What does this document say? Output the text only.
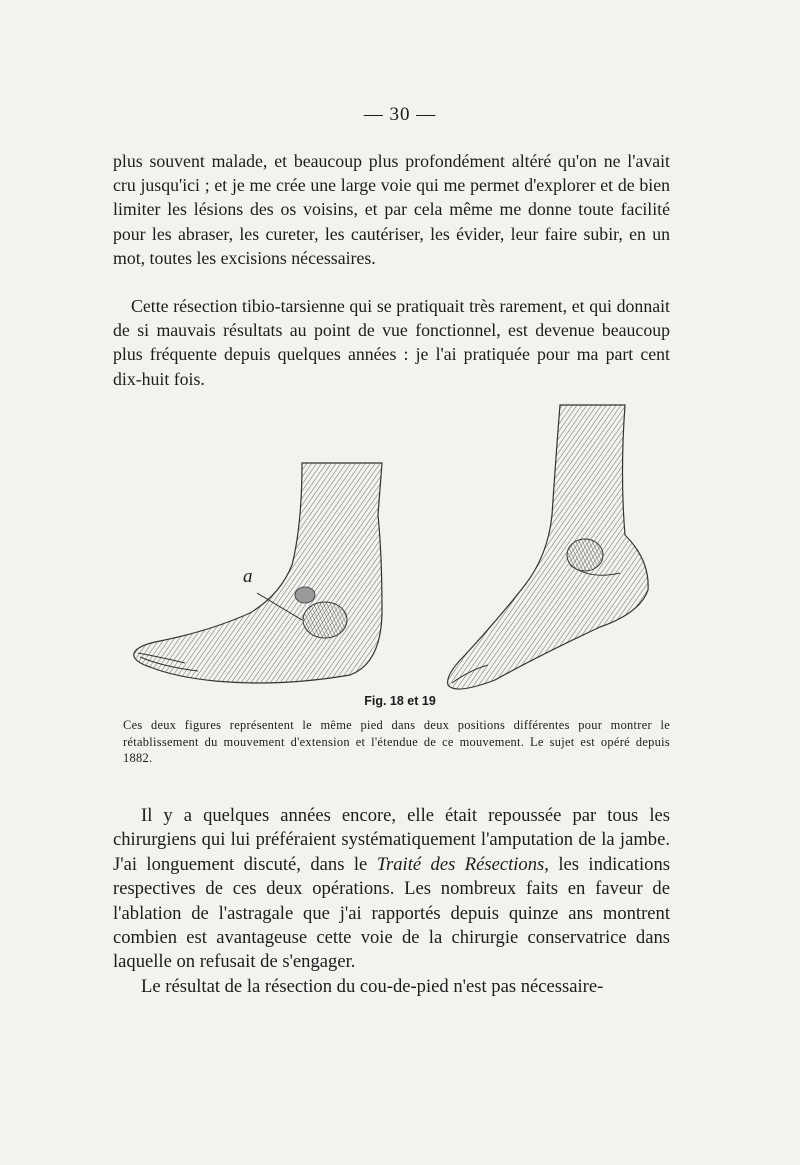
— 30 —

plus souvent malade, et beaucoup plus profondément altéré qu'on ne l'avait cru jusqu'ici ; et je me crée une large voie qui me permet d'explorer et de bien limiter les lésions des os voisins, et par cela même me donne toute facilité pour les abraser, les cureter, les cautériser, les évider, leur faire subir, en un mot, toutes les excisions nécessaires.

Cette résection tibio-tarsienne qui se pratiquait très rarement, et qui donnait de si mauvais résultats au point de vue fonctionnel, est devenue beaucoup plus fréquente depuis quelques années : je l'ai pratiquée pour ma part cent dix-huit fois.

a
Fig. 18 et 19

Ces deux figures représentent le même pied dans deux positions différentes pour montrer le rétablissement du mouvement d'extension et l'étendue de ce mouvement. Le sujet est opéré depuis 1882.

Il y a quelques années encore, elle était repoussée par tous les chirurgiens qui lui préféraient systématiquement l'amputation de la jambe. J'ai longuement discuté, dans le Traité des Résections, les indications respectives de ces deux opérations. Les nombreux faits en faveur de l'ablation de l'astragale que j'ai rapportés depuis quinze ans montrent combien est avantageuse cette voie de la chirurgie conservatrice dans laquelle on refusait de s'engager.

Le résultat de la résection du cou-de-pied n'est pas nécessaire-
